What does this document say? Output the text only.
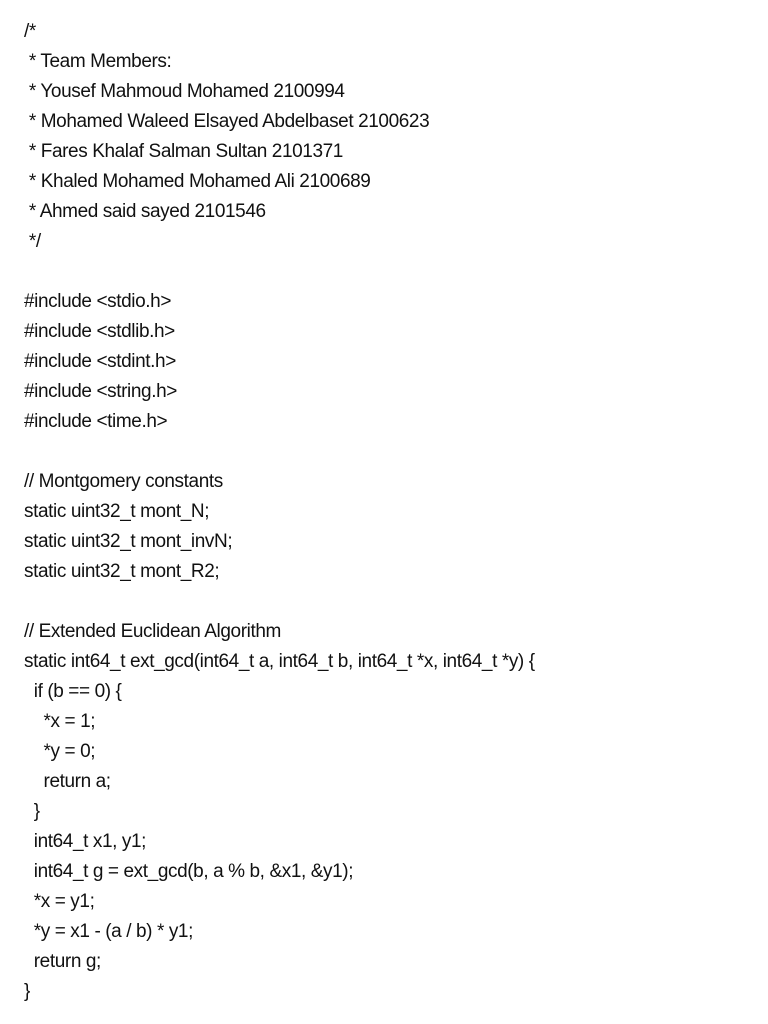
/*
* Team Members:
* Yousef Mahmoud Mohamed 2100994
* Mohamed Waleed Elsayed Abdelbaset 2100623
* Fares Khalaf Salman Sultan 2101371
* Khaled Mohamed Mohamed Ali 2100689
* Ahmed said sayed 2101546
*/
#include <stdio.h>
#include <stdlib.h>
#include <stdint.h>
#include <string.h>
#include <time.h>
// Montgomery constants
static uint32_t mont_N;
static uint32_t mont_invN;
static uint32_t mont_R2;
// Extended Euclidean Algorithm
static int64_t ext_gcd(int64_t a, int64_t b, int64_t *x, int64_t *y) {
if (b == 0) {
*x = 1;
*y = 0;
return a;
}
int64_t x1, y1;
int64_t g = ext_gcd(b, a % b, &x1, &y1);
*x = y1;
*y = x1 - (a / b) * y1;
return g;
}
